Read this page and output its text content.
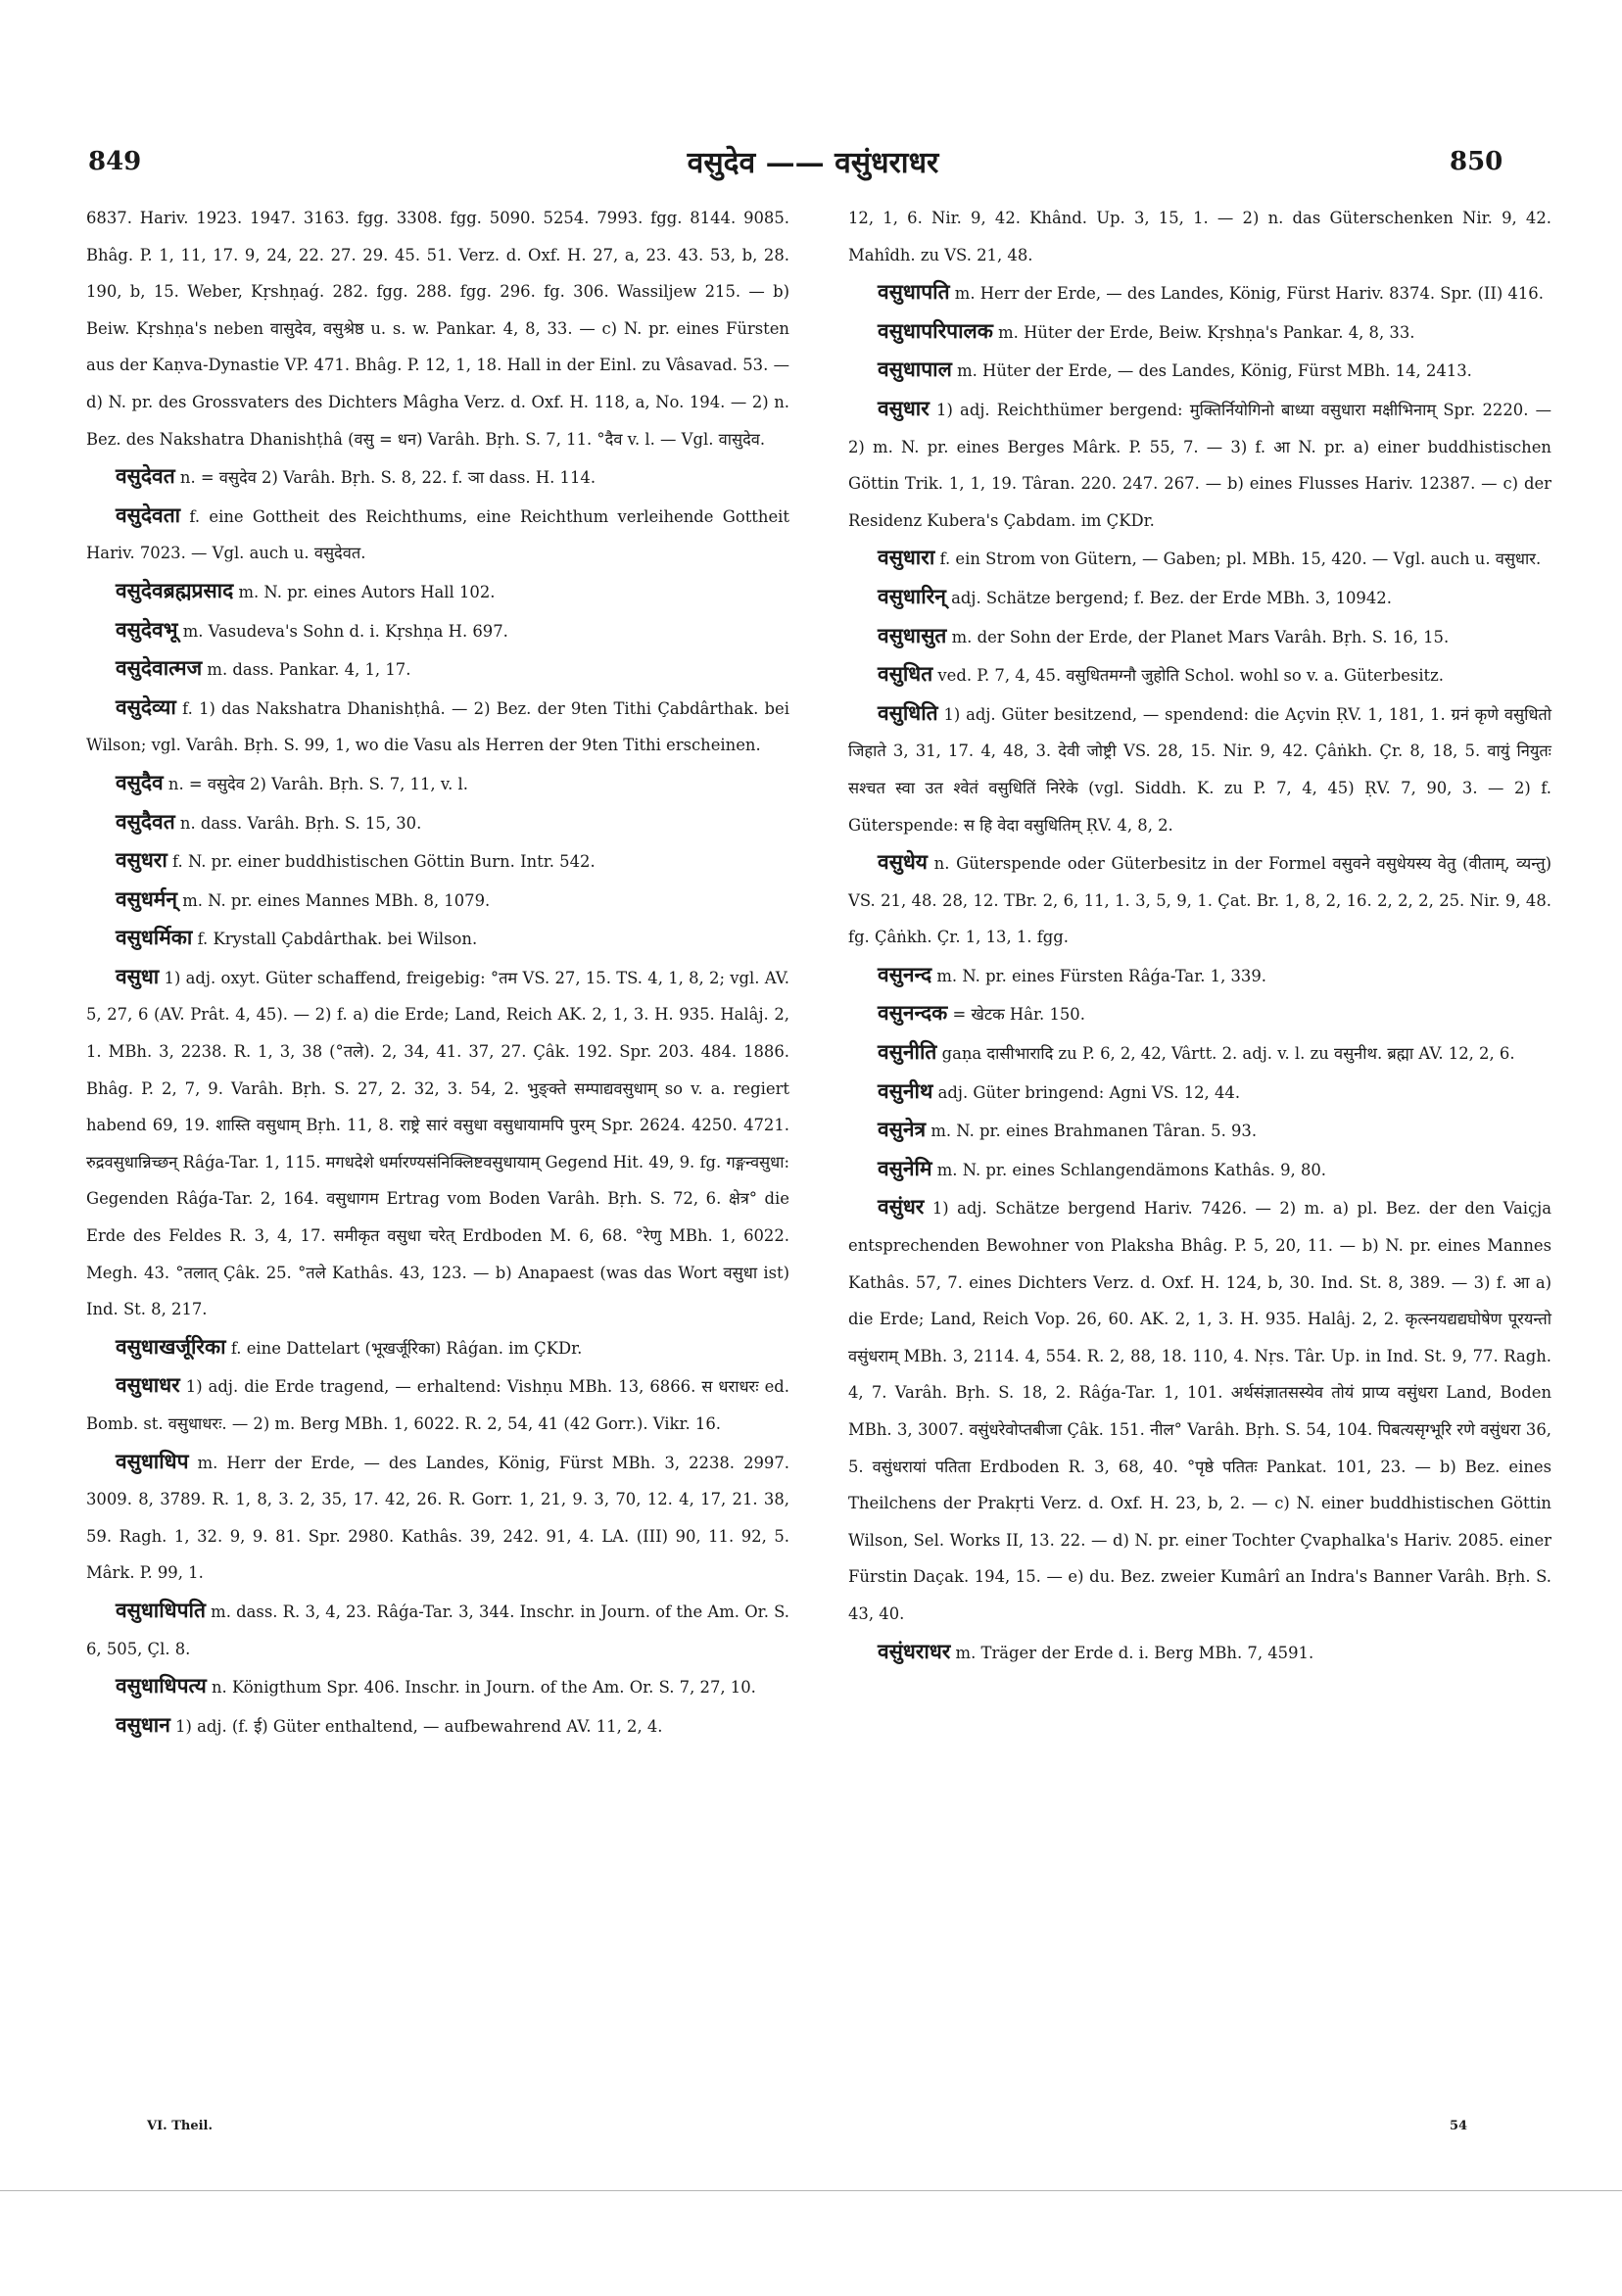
849	वसुदेव —— वसुंधराधर	850

6837. Hariv. 1923. 1947. 3163. fgg. 3308. fgg. 5090. 5254. 7993. fgg. 8144. 9085. Bhâg. P. 1, 11, 17. 9, 24, 22. 27. 29. 45. 51. Verz. d. Oxf. H. 27, a, 23. 43. 53, b, 28. 190, b, 15. Weber, Kṛshṇaǵ. 282. fgg. 288. fgg. 296. fg. 306. Wassiljew 215. — b) Beiw. Kṛshṇa's neben वासुदेव, वसुश्रेष्ठ u. s. w. Pankar. 4, 8, 33. — c) N. pr. eines Fürsten aus der Kaṇva-Dynastie VP. 471. Bhâg. P. 12, 1, 18. Hall in der Einl. zu Vâsavad. 53. — d) N. pr. des Grossvaters des Dichters Mâgha Verz. d. Oxf. H. 118, a, No. 194. — 2) n. Bez. des Nakshatra Dhanishṭhâ (वसु = धन) Varâh. Bṛh. S. 7, 11. °दैव v. l. — Vgl. वासुदेव.

वसुदेवत n. = वसुदेव 2) Varâh. Bṛh. S. 8, 22. f. ञा dass. H. 114.

वसुदेवता f. eine Gottheit des Reichthums, eine Reichthum verleihende Gottheit Hariv. 7023. — Vgl. auch u. वसुदेवत.

वसुदेवब्रह्मप्रसाद m. N. pr. eines Autors Hall 102.

वसुदेवभू m. Vasudeva's Sohn d. i. Kṛshṇa H. 697.

वसुदेवात्मज m. dass. Pankar. 4, 1, 17.

वसुदेव्या f. 1) das Nakshatra Dhanishṭhâ. — 2) Bez. der 9ten Tithi Çabdârthak. bei Wilson; vgl. Varâh. Bṛh. S. 99, 1, wo die Vasu als Herren der 9ten Tithi erscheinen.

वसुदैव n. = वसुदेव 2) Varâh. Bṛh. S. 7, 11, v. l.

वसुदैवत n. dass. Varâh. Bṛh. S. 15, 30.

वसुधरा f. N. pr. einer buddhistischen Göttin Burn. Intr. 542.

वसुधर्मन् m. N. pr. eines Mannes MBh. 8, 1079.

वसुधर्मिका f. Krystall Çabdârthak. bei Wilson.

वसुधा 1) adj. oxyt. Güter schaffend, freigebig: °तम VS. 27, 15. TS. 4, 1, 8, 2; vgl. AV. 5, 27, 6 (AV. Prât. 4, 45). — 2) f. a) die Erde; Land, Reich AK. 2, 1, 3. H. 935. Halâj. 2, 1. MBh. 3, 2238. R. 1, 3, 38 (°तले). 2, 34, 41. 37, 27. Çâk. 192. Spr. 203. 484. 1886. Bhâg. P. 2, 7, 9. Varâh. Bṛh. S. 27, 2. 32, 3. 54, 2. भुङ्क्ते सम्पाद्यवसुधाम् so v. a. regiert habend 69, 19. शास्ति वसुधाम् Bṛh. 11, 8. राष्ट्रे सारं वसुधा वसुधायामपि पुरम् Spr. 2624. 4250. 4721. रुद्रवसुधान्निच्छन् Râǵa-Tar. 1, 115. मगधदेशे धर्मारण्यसंनिक्लिष्टवसुधायाम् Gegend Hit. 49, 9. fg. गङ्गन्वसुधा: Gegenden Râǵa-Tar. 2, 164. वसुधागम Ertrag vom Boden Varâh. Bṛh. S. 72, 6. क्षेत्र° die Erde des Feldes R. 3, 4, 17. समीकृत वसुधा चरेत् Erdboden M. 6, 68. °रेणु MBh. 1, 6022. Megh. 43. °तलात् Çâk. 25. °तले Kathâs. 43, 123. — b) Anapaest (was das Wort वसुधा ist) Ind. St. 8, 217.

वसुधाखर्जूरिका f. eine Dattelart (भूखर्जूरिका) Râǵan. im ÇKDr.

वसुधाधर 1) adj. die Erde tragend, — erhaltend: Vishṇu MBh. 13, 6866. स धराधरः ed. Bomb. st. वसुधाधरः. — 2) m. Berg MBh. 1, 6022. R. 2, 54, 41 (42 Gorr.). Vikr. 16.

वसुधाधिप m. Herr der Erde, — des Landes, König, Fürst MBh. 3, 2238. 2997. 3009. 8, 3789. R. 1, 8, 3. 2, 35, 17. 42, 26. R. Gorr. 1, 21, 9. 3, 70, 12. 4, 17, 21. 38, 59. Ragh. 1, 32. 9, 9. 81. Spr. 2980. Kathâs. 39, 242. 91, 4. LA. (III) 90, 11. 92, 5. Mârk. P. 99, 1.

वसुधाधिपति m. dass. R. 3, 4, 23. Râǵa-Tar. 3, 344. Inschr. in Journ. of the Am. Or. S. 6, 505, Çl. 8.

वसुधाधिपत्य n. Königthum Spr. 406. Inschr. in Journ. of the Am. Or. S. 7, 27, 10.

वसुधान 1) adj. (f. ई) Güter enthaltend, — aufbewahrend AV. 11, 2, 4.

12, 1, 6. Nir. 9, 42. Khând. Up. 3, 15, 1. — 2) n. das Güterschenken Nir. 9, 42. Mahîdh. zu VS. 21, 48.

वसुधापति m. Herr der Erde, — des Landes, König, Fürst Hariv. 8374. Spr. (II) 416.

वसुधापरिपालक m. Hüter der Erde, Beiw. Kṛshṇa's Pankar. 4, 8, 33.

वसुधापाल m. Hüter der Erde, — des Landes, König, Fürst MBh. 14, 2413.

वसुधार 1) adj. Reichthümer bergend: मुक्तिर्नियोगिनो बाध्या वसुधारा मक्षीभिनाम् Spr. 2220. — 2) m. N. pr. eines Berges Mârk. P. 55, 7. — 3) f. आ N. pr. a) einer buddhistischen Göttin Trik. 1, 1, 19. Târan. 220. 247. 267. — b) eines Flusses Hariv. 12387. — c) der Residenz Kubera's Çabdam. im ÇKDr.

वसुधारा f. ein Strom von Gütern, — Gaben; pl. MBh. 15, 420. — Vgl. auch u. वसुधार.

वसुधारिन् adj. Schätze bergend; f. Bez. der Erde MBh. 3, 10942.

वसुधासुत m. der Sohn der Erde, der Planet Mars Varâh. Bṛh. S. 16, 15.

वसुधित ved. P. 7, 4, 45. वसुधितमग्नौ जुहोति Schol. wohl so v. a. Güterbesitz.

वसुधिति 1) adj. Güter besitzend, — spendend: die Açvin ṚV. 1, 181, 1. ग्रनं कृणे वसुधितो जिहाते 3, 31, 17. 4, 48, 3. देवी जोष्ट्री VS. 28, 15. Nir. 9, 42. Çâṅkh. Çr. 8, 18, 5. वायुं नियुतः सश्चत स्वा उत श्वेतं वसुधितिं निरेके (vgl. Siddh. K. zu P. 7, 4, 45) ṚV. 7, 90, 3. — 2) f. Güterspende: स हि वेदा वसुधितिम् ṚV. 4, 8, 2.

वसुधेय n. Güterspende oder Güterbesitz in der Formel वसुवने वसुधेयस्य वेतु (वीताम्, व्यन्तु) VS. 21, 48. 28, 12. TBr. 2, 6, 11, 1. 3, 5, 9, 1. Çat. Br. 1, 8, 2, 16. 2, 2, 2, 25. Nir. 9, 48. fg. Çâṅkh. Çr. 1, 13, 1. fgg.

वसुनन्द m. N. pr. eines Fürsten Râǵa-Tar. 1, 339.

वसुनन्दक = खेटक Hâr. 150.

वसुनीति gaṇa दासीभारादि zu P. 6, 2, 42, Vârtt. 2. adj. v. l. zu वसुनीथ. ब्रह्मा AV. 12, 2, 6.

वसुनीथ adj. Güter bringend: Agni VS. 12, 44.

वसुनेत्र m. N. pr. eines Brahmanen Târan. 5. 93.

वसुनेमि m. N. pr. eines Schlangendämons Kathâs. 9, 80.

वसुंधर 1) adj. Schätze bergend Hariv. 7426. — 2) m. a) pl. Bez. der den Vaiçja entsprechenden Bewohner von Plaksha Bhâg. P. 5, 20, 11. — b) N. pr. eines Mannes Kathâs. 57, 7. eines Dichters Verz. d. Oxf. H. 124, b, 30. Ind. St. 8, 389. — 3) f. आ a) die Erde; Land, Reich Vop. 26, 60. AK. 2, 1, 3. H. 935. Halâj. 2, 2. कृत्स्नयद्यद्यघोषेण पूरयन्तो वसुंधराम् MBh. 3, 2114. 4, 554. R. 2, 88, 18. 110, 4. Nṛs. Târ. Up. in Ind. St. 9, 77. Ragh. 4, 7. Varâh. Bṛh. S. 18, 2. Râǵa-Tar. 1, 101. अर्थसंज्ञातसस्येव तोयं प्राप्य वसुंधरा Land, Boden MBh. 3, 3007. वसुंधरेवोप्तबीजा Çâk. 151. नील° Varâh. Bṛh. S. 54, 104. पिबत्यसृग्भूरि रणे वसुंधरा 36, 5. वसुंधरायां पतिता Erdboden R. 3, 68, 40. °पृष्ठे पतितः Pankat. 101, 23. — b) Bez. eines Theilchens der Prakṛti Verz. d. Oxf. H. 23, b, 2. — c) N. einer buddhistischen Göttin Wilson, Sel. Works II, 13. 22. — d) N. pr. einer Tochter Çvaphalka's Hariv. 2085. einer Fürstin Daçak. 194, 15. — e) du. Bez. zweier Kumârî an Indra's Banner Varâh. Bṛh. S. 43, 40.

वसुंधराधर m. Träger der Erde d. i. Berg MBh. 7, 4591.

VI. Theil.	54
